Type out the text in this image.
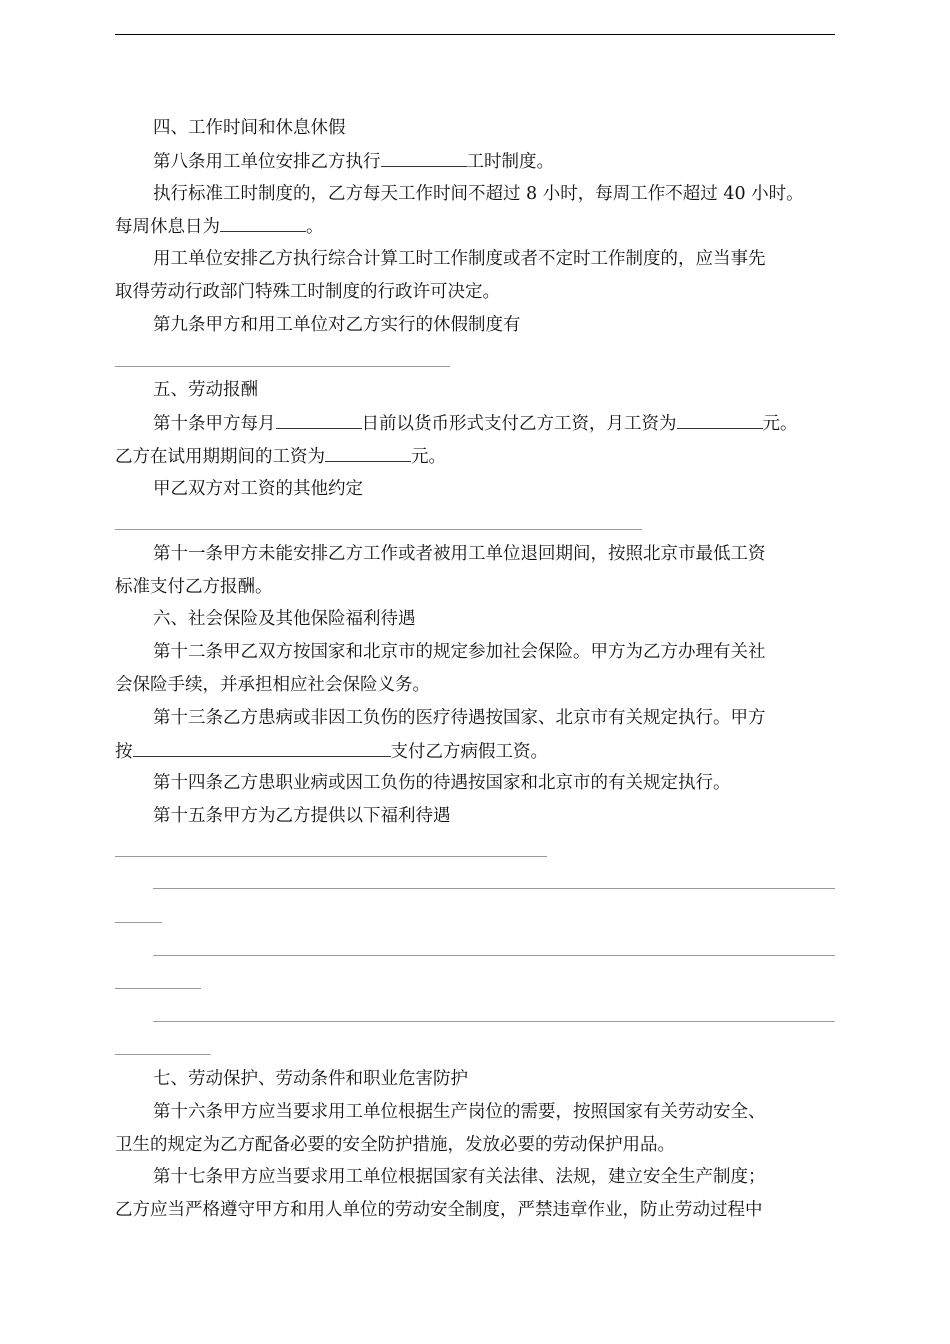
四、工作时间和休息休假
第八条用工单位安排乙方执行	工时制度。
执行标准工时制度的，乙方每天工作时间不超过 8 小时，每周工作不超过 40 小时。
每周休息日为	。
用工单位安排乙方执行综合计算工时工作制度或者不定时工作制度的，应当事先
取得劳动行政部门特殊工时制度的行政许可决定。
第九条甲方和用工单位对乙方实行的休假制度有
五、劳动报酬
第十条甲方每月	日前以货币形式支付乙方工资，月工资为	元。
乙方在试用期期间的工资为	元。
甲乙双方对工资的其他约定
第十一条甲方未能安排乙方工作或者被用工单位退回期间，按照北京市最低工资
标准支付乙方报酬。
六、社会保险及其他保险福利待遇
第十二条甲乙双方按国家和北京市的规定参加社会保险。甲方为乙方办理有关社
会保险手续，并承担相应社会保险义务。
第十三条乙方患病或非因工负伤的医疗待遇按国家、北京市有关规定执行。甲方
按	支付乙方病假工资。
第十四条乙方患职业病或因工负伤的待遇按国家和北京市的有关规定执行。
第十五条甲方为乙方提供以下福利待遇
七、劳动保护、劳动条件和职业危害防护
第十六条甲方应当要求用工单位根据生产岗位的需要，按照国家有关劳动安全、
卫生的规定为乙方配备必要的安全防护措施，发放必要的劳动保护用品。
第十七条甲方应当要求用工单位根据国家有关法律、法规，建立安全生产制度；
乙方应当严格遵守甲方和用人单位的劳动安全制度，严禁违章作业，防止劳动过程中
